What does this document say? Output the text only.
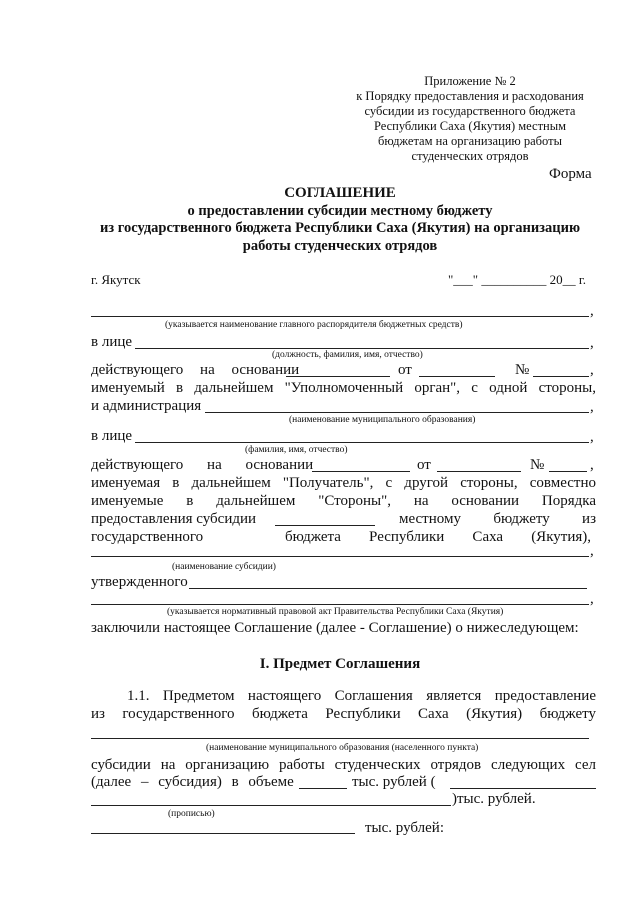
Приложение № 2
к Порядку предоставления и расходования
субсидии из государственного бюджета
Республики Саха (Якутия) местным
бюджетам на организацию работы
студенческих отрядов
Форма
СОГЛАШЕНИЕ
о предоставлении субсидии местному бюджету
из государственного бюджета Республики Саха (Якутия) на организацию
работы студенческих отрядов
г. Якутск	"___" __________ 20__ г.
,
(указывается наименование главного распорядителя бюджетных средств)
в лице	,
(должность, фамилия, имя, отчество)
действующего на основании	от	№	,
именуемый в дальнейшем "Уполномоченный орган", с одной стороны,
и администрация	,
(наименование муниципального образования)
в лице	,
(фамилия, имя, отчество)
действующего на основании	от	№	,
именуемая в дальнейшем "Получатель", с другой стороны, совместно
именуемые в дальнейшем "Стороны", на основании Порядка
предоставления субсидии	местному бюджету из
государственного	бюджета Республики Саха (Якутия),
,
(наименование субсидии)
утвержденного
,
(указывается нормативный правовой акт Правительства Республики Саха (Якутия)
заключили настоящее Соглашение (далее - Соглашение) о нижеследующем:
I. Предмет Соглашения
1.1. Предметом настоящего Соглашения является предоставление
из государственного бюджета Республики Саха (Якутия) бюджету
(наименование муниципального образования (населенного пункта)
субсидии на организацию работы студенческих отрядов следующих сел
(далее – субсидия) в объеме	тыс. рублей (
)тыс. рублей.
(прописью)
тыс. рублей:
